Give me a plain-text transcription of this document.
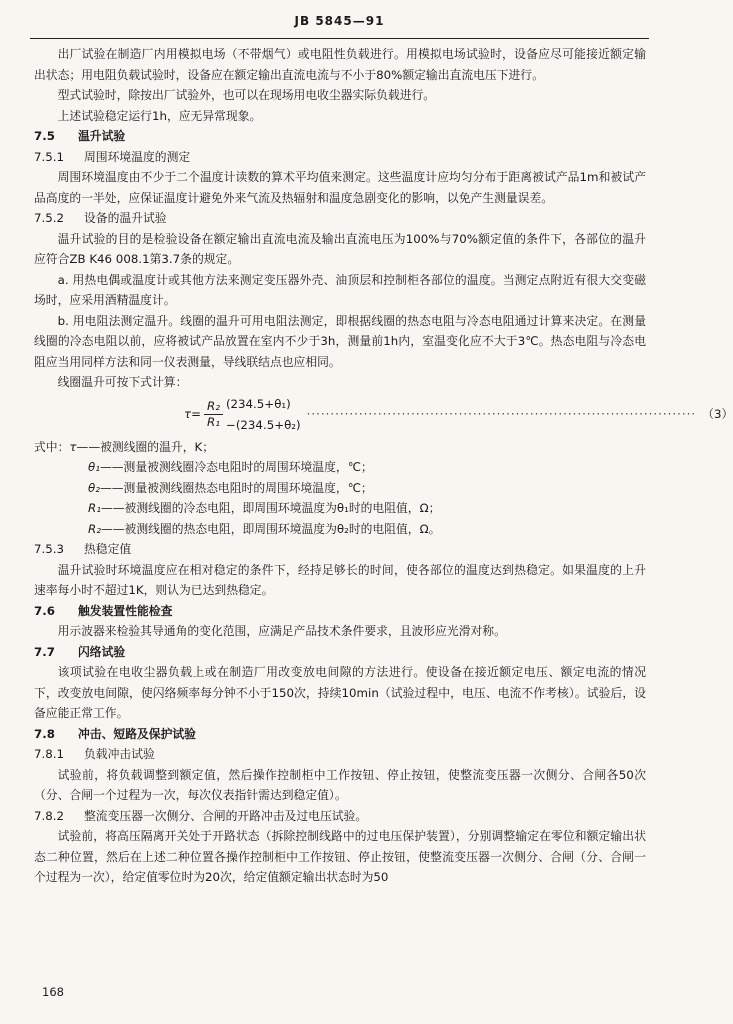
JB 5845—91

出厂试验在制造厂内用模拟电场（不带烟气）或电阻性负载进行。用模拟电场试验时，设备应尽可能接近额定输出状态；用电阻负载试验时，设备应在额定输出直流电流与不小于80%额定输出直流电压下进行。

型式试验时，除按出厂试验外，也可以在现场用电收尘器实际负载进行。

上述试验稳定运行1h，应无异常现象。

7.5 温升试验

7.5.1 周围环境温度的测定

周围环境温度由不少于二个温度计读数的算术平均值来测定。这些温度计应均匀分布于距离被试产品1m和被试产品高度的一半处，应保证温度计避免外来气流及热辐射和温度急剧变化的影响，以免产生测量误差。

7.5.2 设备的温升试验

温升试验的目的是检验设备在额定输出直流电流及输出直流电压为100%与70%额定值的条件下，各部位的温升应符合ZB K46 008.1第3.7条的规定。

a. 用热电偶或温度计或其他方法来测定变压器外壳、油顶层和控制柜各部位的温度。当测定点附近有很大交变磁场时，应采用酒精温度计。

b. 用电阻法测定温升。线圈的温升可用电阻法测定，即根据线圈的热态电阻与冷态电阻通过计算来决定。在测量线圈的冷态电阻以前，应将被试产品放置在室内不少于3h，测量前1h内，室温变化应不大于3℃。热态电阻与冷态电阻应当用同样方法和同一仪表测量，导线联结点也应相同。

线圈温升可按下式计算：

$\tau= \frac{\text{R₂}}{\text{R₁}} (234.5+\theta_1)-(234.5+\theta_2)$
·················································································· （3）

式中：τ——被测线圈的温升，K；

θ₁——测量被测线圈冷态电阻时的周围环境温度，℃；

θ₂——测量被测线圈热态电阻时的周围环境温度，℃；

R₁——被测线圈的冷态电阻，即周围环境温度为θ₁时的电阻值，Ω；

R₂——被测线圈的热态电阻，即周围环境温度为θ₂时的电阻值，Ω。

7.5.3 热稳定值

温升试验时环境温度应在相对稳定的条件下，经持足够长的时间，使各部位的温度达到热稳定。如果温度的上升速率每小时不超过1K，则认为已达到热稳定。

7.6 触发装置性能检查

用示波器来检验其导通角的变化范围，应满足产品技术条件要求，且波形应光滑对称。

7.7 闪络试验

该项试验在电收尘器负载上或在制造厂用改变放电间隙的方法进行。使设备在接近额定电压、额定电流的情况下，改变放电间隙，使闪络频率每分钟不小于150次，持续10min（试验过程中，电压、电流不作考核）。试验后，设备应能正常工作。

7.8 冲击、短路及保护试验

7.8.1 负载冲击试验

试验前，将负载调整到额定值，然后操作控制柜中工作按钮、停止按钮，使整流变压器一次侧分、合闸各50次（分、合闸一个过程为一次，每次仪表指针需达到稳定值）。

7.8.2 整流变压器一次侧分、合闸的开路冲击及过电压试验。

试验前，将高压隔离开关处于开路状态（拆除控制线路中的过电压保护装置），分别调整输定在零位和额定输出状态二种位置，然后在上述二种位置各操作控制柜中工作按钮、停止按钮，使整流变压器一次侧分、合闸（分、合闸一个过程为一次），给定值零位时为20次，给定值额定输出状态时为50

168
